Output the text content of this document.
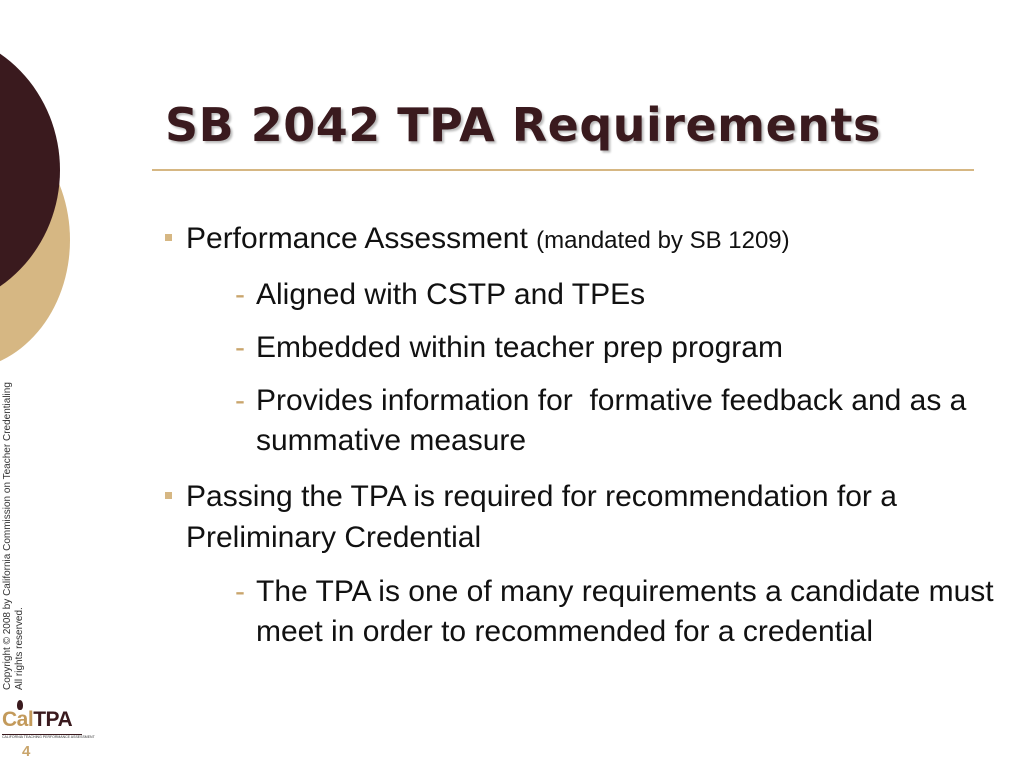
SB 2042 TPA Requirements
Performance Assessment (mandated by SB 1209)
- Aligned with CSTP and TPEs
- Embedded within teacher prep program
- Provides information for  formative feedback and as a summative measure
Passing the TPA is required for recommendation for a Preliminary Credential
- The TPA is one of many requirements a candidate must meet in order to recommended for a credential
Copyright © 2008 by California Commission on Teacher Credentialing All rights reserved.
CalTPA
CALIFORNIA TEACHING PERFORMANCE ASSESSMENT
4
